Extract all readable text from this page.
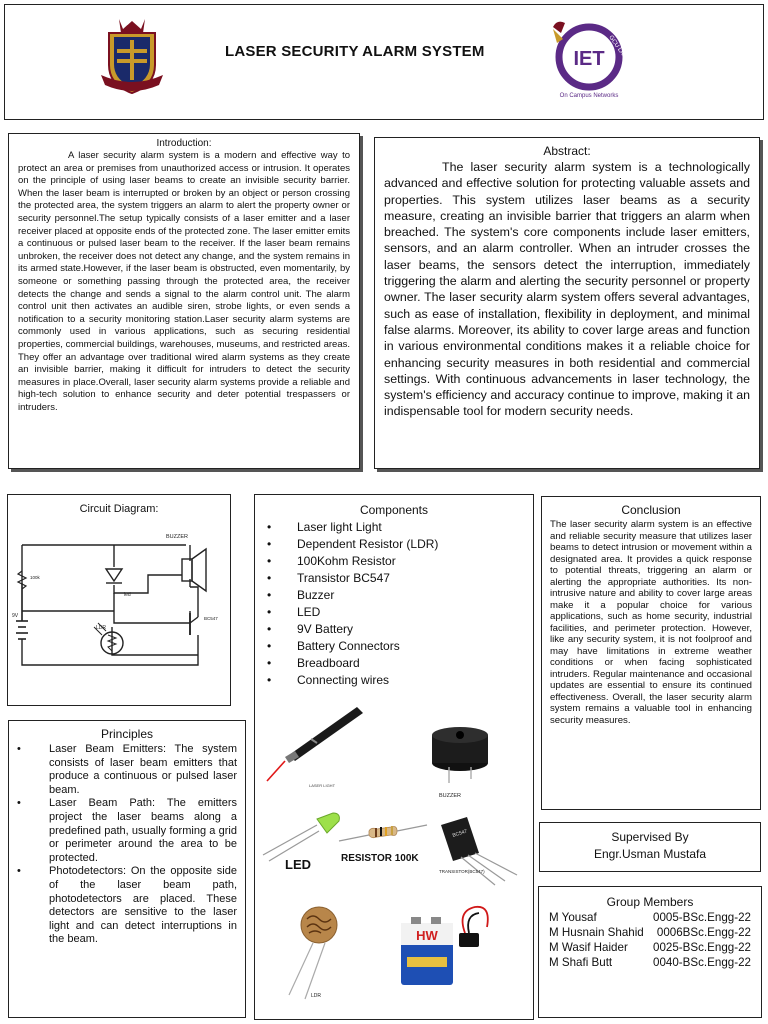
LASER SECURITY ALARM SYSTEM	IET GCU LAHORE
On Campus Networks
Introduction:

A laser security alarm system is a modern and effective way to protect an area or premises from unauthorized access or intrusion. It operates on the principle of using laser beams to create an invisible security barrier. When the laser beam is interrupted or broken by an object or person crossing the protected area, the system triggers an alarm to alert the property owner or security personnel.The setup typically consists of a laser emitter and a laser receiver placed at opposite ends of the protected zone. The laser emitter emits a continuous or pulsed laser beam to the receiver. If the laser beam remains unbroken, the receiver does not detect any change, and the system remains in its armed state.However, if the laser beam is obstructed, even momentarily, by someone or something passing through the protected area, the receiver detects the change and sends a signal to the alarm control unit. The alarm control unit then activates an audible siren, strobe lights, or even sends a notification to a security monitoring station.Laser security alarm systems are commonly used in various applications, such as securing residential properties, commercial buildings, warehouses, museums, and restricted areas. They offer an advantage over traditional wired alarm systems as they create an invisible barrier, making it difficult for intruders to detect the security measures in place.Overall, laser security alarm systems provide a reliable and high-tech solution to enhance security and deter potential trespassers or intruders.

Abstract:

The laser security alarm system is a technologically advanced and effective solution for protecting valuable assets and properties. This system utilizes laser beams as a security measure, creating an invisible barrier that triggers an alarm when breached. The system's core components include laser emitters, sensors, and an alarm controller. When an intruder crosses the laser beams, the sensors detect the interruption, immediately triggering the alarm and alerting the security personnel or property owner. The laser security alarm system offers several advantages, such as ease of installation, flexibility in deployment, and minimal false alarms. Moreover, its ability to cover large areas and function in various environmental conditions makes it a reliable choice for enhancing security measures in both residential and commercial settings. With continuous advancements in laser technology, the system's efficiency and accuracy continue to improve, making it an indispensable tool for modern security needs.

Circuit Diagram:
BUZZER
100k
led
9V
LDR
BC547
Components
•	Laser light Light
•	Dependent Resistor (LDR)
•	100Kohm Resistor
•	Transistor BC547
•	Buzzer
•	LED
•	9V Battery
•	Battery Connectors
•	Breadboard
•	Connecting wires
LASER LIGHT
BUZZER
LED	RESISTOR 100K
BC547
TRANSISTOR(BC547)
LDR
HW
Principles
•	Laser Beam Emitters: The system consists of laser beam emitters that produce a continuous or pulsed laser beam.
•	Laser Beam Path: The emitters project the laser beams along a predefined path, usually forming a grid or perimeter around the area to be protected.
•	Photodetectors: On the opposite side of the laser beam path, photodetectors are placed. These detectors are sensitive to the laser light and can detect interruptions in the beam.
Conclusion

The laser security alarm system is an effective and reliable security measure that utilizes laser beams to detect intrusion or movement within a designated area. It provides a quick response to potential threats, triggering an alarm or alerting the appropriate authorities. Its non-intrusive nature and ability to cover large areas make it a popular choice for various applications, such as home security, industrial facilities, and perimeter protection. However, like any security system, it is not foolproof and may have limitations in extreme weather conditions or when facing sophisticated intruders. Regular maintenance and occasional updates are essential to ensure its continued effectiveness. Overall, the laser security alarm system remains a valuable tool in enhancing security measures.

Supervised By
Engr.Usman Mustafa
Group Members
M Yousaf	0005-BSc.Engg-22
M Husnain Shahid	0006BSc.Engg-22
M Wasif Haider	0025-BSc.Engg-22
M Shafi Butt	0040-BSc.Engg-22
